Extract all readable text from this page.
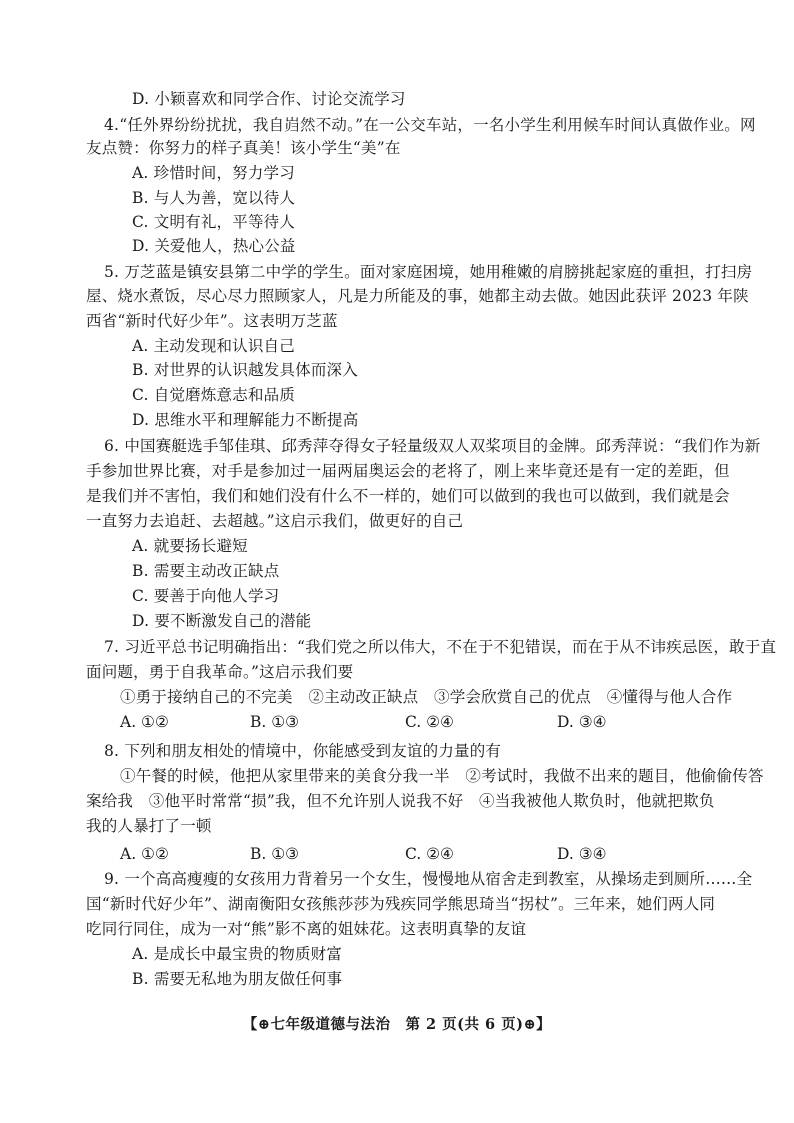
D. 小颖喜欢和同学合作、讨论交流学习
4.“任外界纷纷扰扰，我自岿然不动。”在一公交车站，一名小学生利用候车时间认真做作业。网
友点赞：你努力的样子真美！该小学生“美”在
A. 珍惜时间，努力学习
B. 与人为善，宽以待人
C. 文明有礼，平等待人
D. 关爱他人，热心公益
5. 万芝蓝是镇安县第二中学的学生。面对家庭困境，她用稚嫩的肩膀挑起家庭的重担，打扫房
屋、烧水煮饭，尽心尽力照顾家人，凡是力所能及的事，她都主动去做。她因此获评 2023 年陕
西省“新时代好少年”。这表明万芝蓝
A. 主动发现和认识自己
B. 对世界的认识越发具体而深入
C. 自觉磨炼意志和品质
D. 思维水平和理解能力不断提高
6. 中国赛艇选手邹佳琪、邱秀萍夺得女子轻量级双人双桨项目的金牌。邱秀萍说：“我们作为新
手参加世界比赛，对手是参加过一届两届奥运会的老将了，刚上来毕竟还是有一定的差距，但
是我们并不害怕，我们和她们没有什么不一样的，她们可以做到的我也可以做到，我们就是会
一直努力去追赶、去超越。”这启示我们，做更好的自己
A. 就要扬长避短
B. 需要主动改正缺点
C. 要善于向他人学习
D. 要不断激发自己的潜能
7. 习近平总书记明确指出：“我们党之所以伟大，不在于不犯错误，而在于从不讳疾忌医，敢于直
面问题，勇于自我革命。”这启示我们要
①勇于接纳自己的不完美　②主动改正缺点　③学会欣赏自己的优点　④懂得与他人合作
8. 下列和朋友相处的情境中，你能感受到友谊的力量的有
①午餐的时候，他把从家里带来的美食分我一半　②考试时，我做不出来的题目，他偷偷传答
案给我　③他平时常常“损”我，但不允许别人说我不好　④当我被他人欺负时，他就把欺负
我的人暴打了一顿
9. 一个高高瘦瘦的女孩用力背着另一个女生，慢慢地从宿舍走到教室，从操场走到厕所……全
国“新时代好少年”、湖南衡阳女孩熊莎莎为残疾同学熊思琦当“拐杖”。三年来，她们两人同
吃同行同住，成为一对“熊”影不离的姐妹花。这表明真挚的友谊
A. 是成长中最宝贵的物质财富
B. 需要无私地为朋友做任何事
A. ①②	B. ①③	C. ②④	D. ③④
A. ①②	B. ①③	C. ②④	D. ③④
【⊕七年级道德与法治　第 2 页(共 6 页)⊕】
